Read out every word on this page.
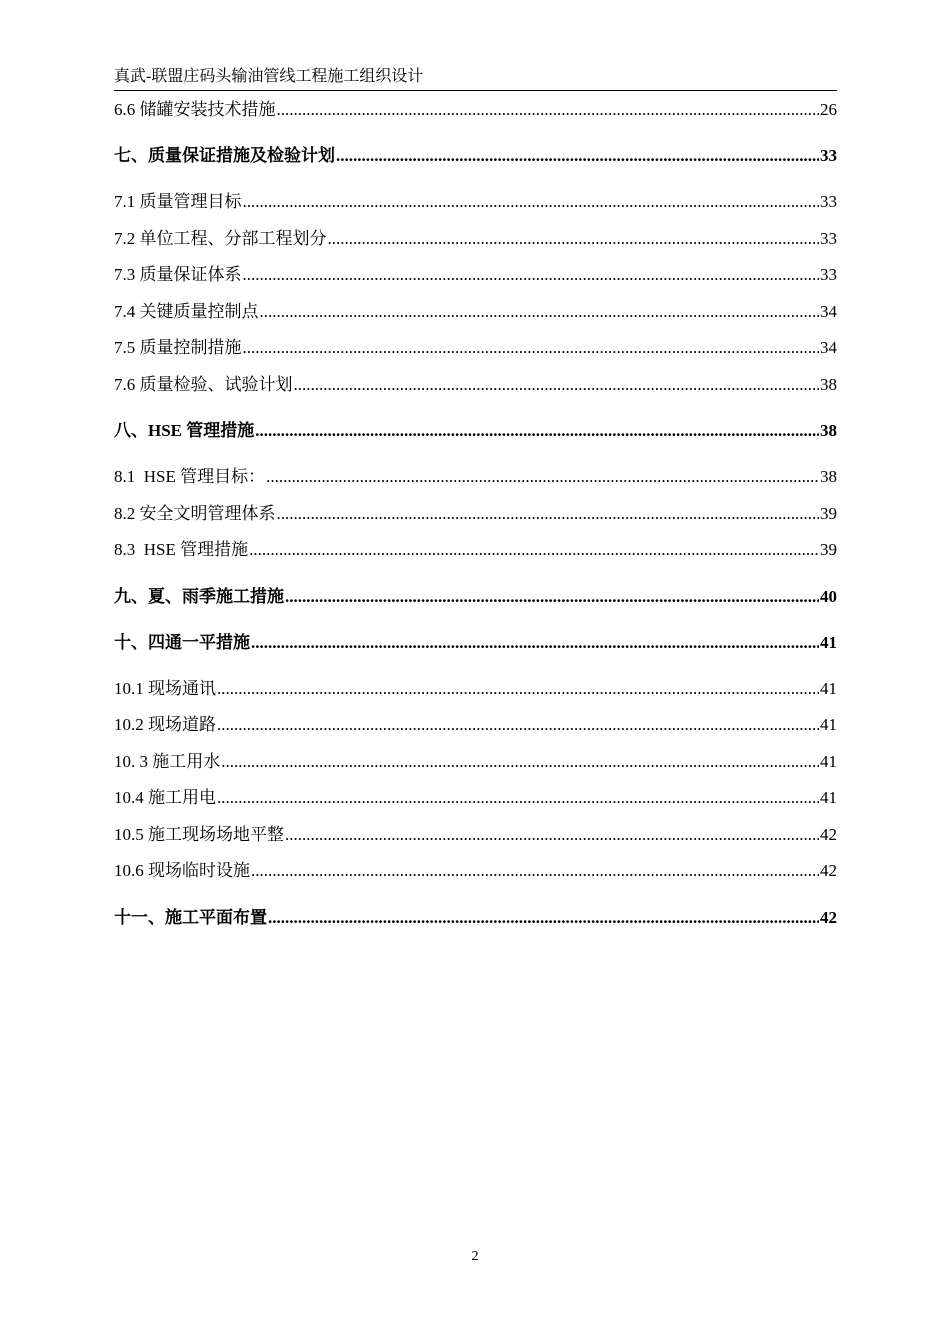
真武-联盟庄码头输油管线工程施工组织设计
6.6 储罐安装技术措施 .....	26
七、质量保证措施及检验计划 .....	33
7.1 质量管理目标 .....	33
7.2 单位工程、分部工程划分 .....	33
7.3 质量保证体系 .....	33
7.4 关键质量控制点 .....	34
7.5 质量控制措施 .....	34
7.6 质量检验、试验计划 .....	38
八、HSE 管理措施 .....	38
8.1  HSE 管理目标： .....	38
8.2 安全文明管理体系 .....	39
8.3  HSE 管理措施 .....	39
九、夏、雨季施工措施 .....	40
十、四通一平措施 .....	41
10.1 现场通讯 .....	41
10.2 现场道路 .....	41
10. 3 施工用水 .....	41
10.4 施工用电 .....	41
10.5 施工现场场地平整 .....	42
10.6 现场临时设施 .....	42
十一、施工平面布置 .....	42
2
